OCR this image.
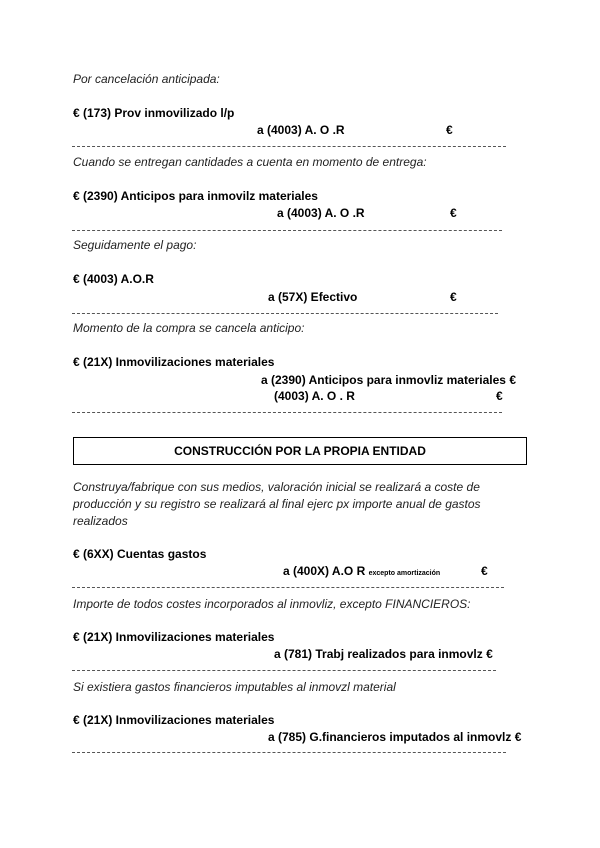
Por cancelación anticipada:
€ (173) Prov inmovilizado l/p
a (4003) A. O .R	€
Cuando se entregan cantidades a cuenta en momento de entrega:
€ (2390) Anticipos para inmovilz materiales
a (4003) A. O .R	€
Seguidamente el pago:
€ (4003) A.O.R
a (57X) Efectivo	€
Momento de la compra se cancela anticipo:
€ (21X) Inmovilizaciones materiales
a (2390) Anticipos para inmovliz materiales €
(4003) A. O . R	€
CONSTRUCCIÓN POR LA PROPIA ENTIDAD
Construya/fabrique con sus medios, valoración inicial se realizará a coste de producción y su registro se realizará al final ejerc px importe anual de gastos realizados
€ (6XX) Cuentas gastos
a (400X) A.O R excepto amortización	€
Importe de todos costes incorporados al inmovliz, excepto FINANCIEROS:
€ (21X) Inmovilizaciones materiales
a (781) Trabj realizados para inmovlz €
Si existiera gastos financieros imputables al inmovzl material
€ (21X) Inmovilizaciones materiales
a (785) G.financieros imputados al inmovlz €
